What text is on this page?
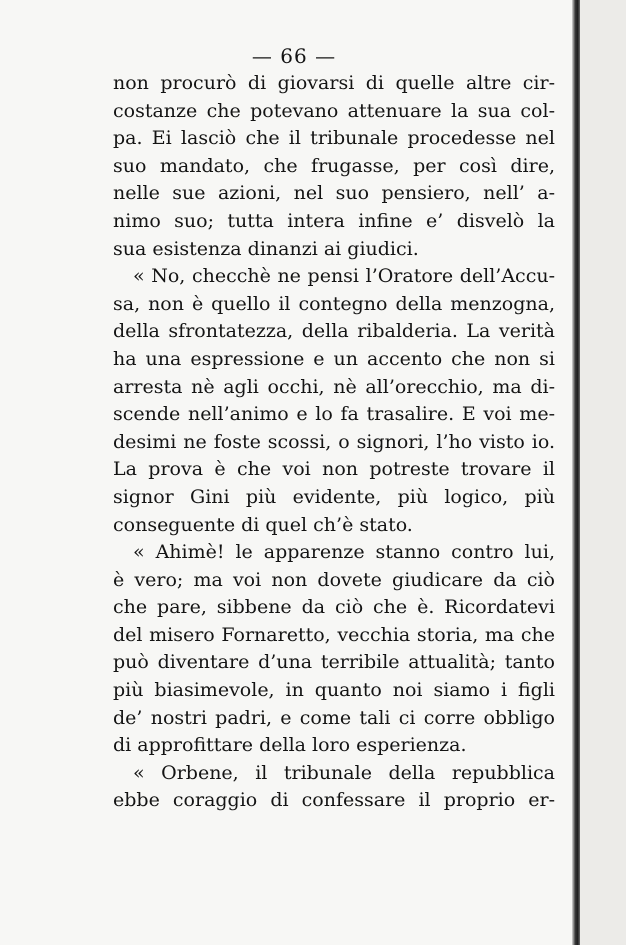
— 66 —
non procurò di giovarsi di quelle altre cir-
costanze che potevano attenuare la sua col-
pa. Ei lasciò che il tribunale procedesse nel
suo mandato, che frugasse, per così dire,
nelle sue azioni, nel suo pensiero, nell’ a-
nimo suo; tutta intera infine e’ disvelò la
sua esistenza dinanzi ai giudici.
« No, checchè ne pensi l’Oratore dell’Accu-
sa, non è quello il contegno della menzogna,
della sfrontatezza, della ribalderia. La verità
ha una espressione e un accento che non si
arresta nè agli occhi, nè all’orecchio, ma di-
scende nell’animo e lo fa trasalire. E voi me-
desimi ne foste scossi, o signori, l’ho visto io.
La prova è che voi non potreste trovare il
signor Gini più evidente, più logico, più
conseguente di quel ch’è stato.
« Ahimè! le apparenze stanno contro lui,
è vero; ma voi non dovete giudicare da ciò
che pare, sibbene da ciò che è. Ricordatevi
del misero Fornaretto, vecchia storia, ma che
può diventare d’una terribile attualità; tanto
più biasimevole, in quanto noi siamo i figli
de’ nostri padri, e come tali ci corre obbligo
di approfittare della loro esperienza.
« Orbene, il tribunale della repubblica
ebbe coraggio di confessare il proprio er-
